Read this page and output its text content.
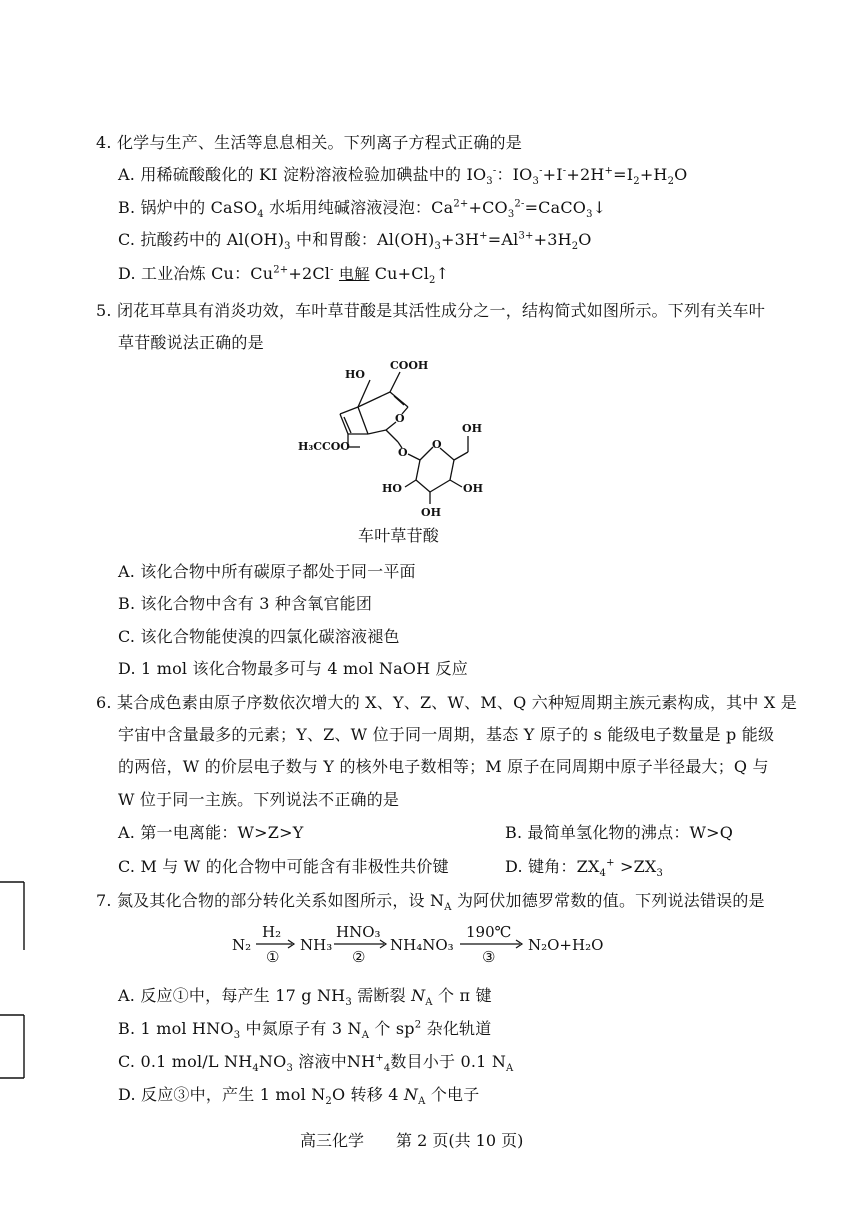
4. 化学与生产、生活等息息相关。下列离子方程式正确的是
A. 用稀硫酸酸化的 KI 淀粉溶液检验加碘盐中的 $IO_3^-$：$IO_3^-+I^-+2H^+=I_2+H_2O$
B. 锅炉中的 CaSO$_4$ 水垢用纯碱溶液浸泡：$Ca^{2+}+CO_3^{2-}=CaCO_3↓$
C. 抗酸药中的 $Al(OH)_3$ 中和胃酸：$Al(OH)_3+3H^+=Al^{3+}+3H_2O$
D. 工业冶炼 Cu：$Cu^{2+}+2Cl^-$ 电解 $Cu+Cl_2↑$
5. 闭花耳草具有消炎功效，车叶草苷酸是其活性成分之一，结构简式如图所示。下列有关车叶
草苷酸说法正确的是
COOH
HO
O
H₃CCOO	O
O
OH
HO	OH
OH
车叶草苷酸
A. 该化合物中所有碳原子都处于同一平面
B. 该化合物中含有 3 种含氧官能团
C. 该化合物能使溴的四氯化碳溶液褪色
D. 1 mol 该化合物最多可与 4 mol NaOH 反应
6. 某合成色素由原子序数依次增大的 X、Y、Z、W、M、Q 六种短周期主族元素构成，其中 X 是
宇宙中含量最多的元素；Y、Z、W 位于同一周期，基态 Y 原子的 s 能级电子数量是 p 能级
的两倍，W 的价层电子数与 Y 的核外电子数相等；M 原子在同周期中原子半径最大；Q 与
W 位于同一主族。下列说法不正确的是
A. 第一电离能：W>Z>Y	B. 最简单氢化物的沸点：W>Q
C. M 与 W 的化合物中可能含有非极性共价键	D. 键角：$ZX_4^+ >ZX_3$
7. 氮及其化合物的部分转化关系如图所示，设 $N_A$ 为阿伏加德罗常数的值。下列说法错误的是
N₂
H₂
①
NH₃
HNO₃
②
NH₄NO₃
190℃
③
N₂O+H₂O
A. 反应①中，每产生 17 g $NH_3$ 需断裂 $N_A$ 个 π 键
B. 1 mol $HNO_3$ 中氮原子有 3 $N_A$ 个 $sp^2$ 杂化轨道
C. 0.1 mol/L $NH_4NO_3$ 溶液中$NH^+_4$数目小于 0.1 $N_A$
D. 反应③中，产生 1 mol $N_2O$ 转移 4 $N_A$ 个电子
高三化学　　第 2 页(共 10 页)
